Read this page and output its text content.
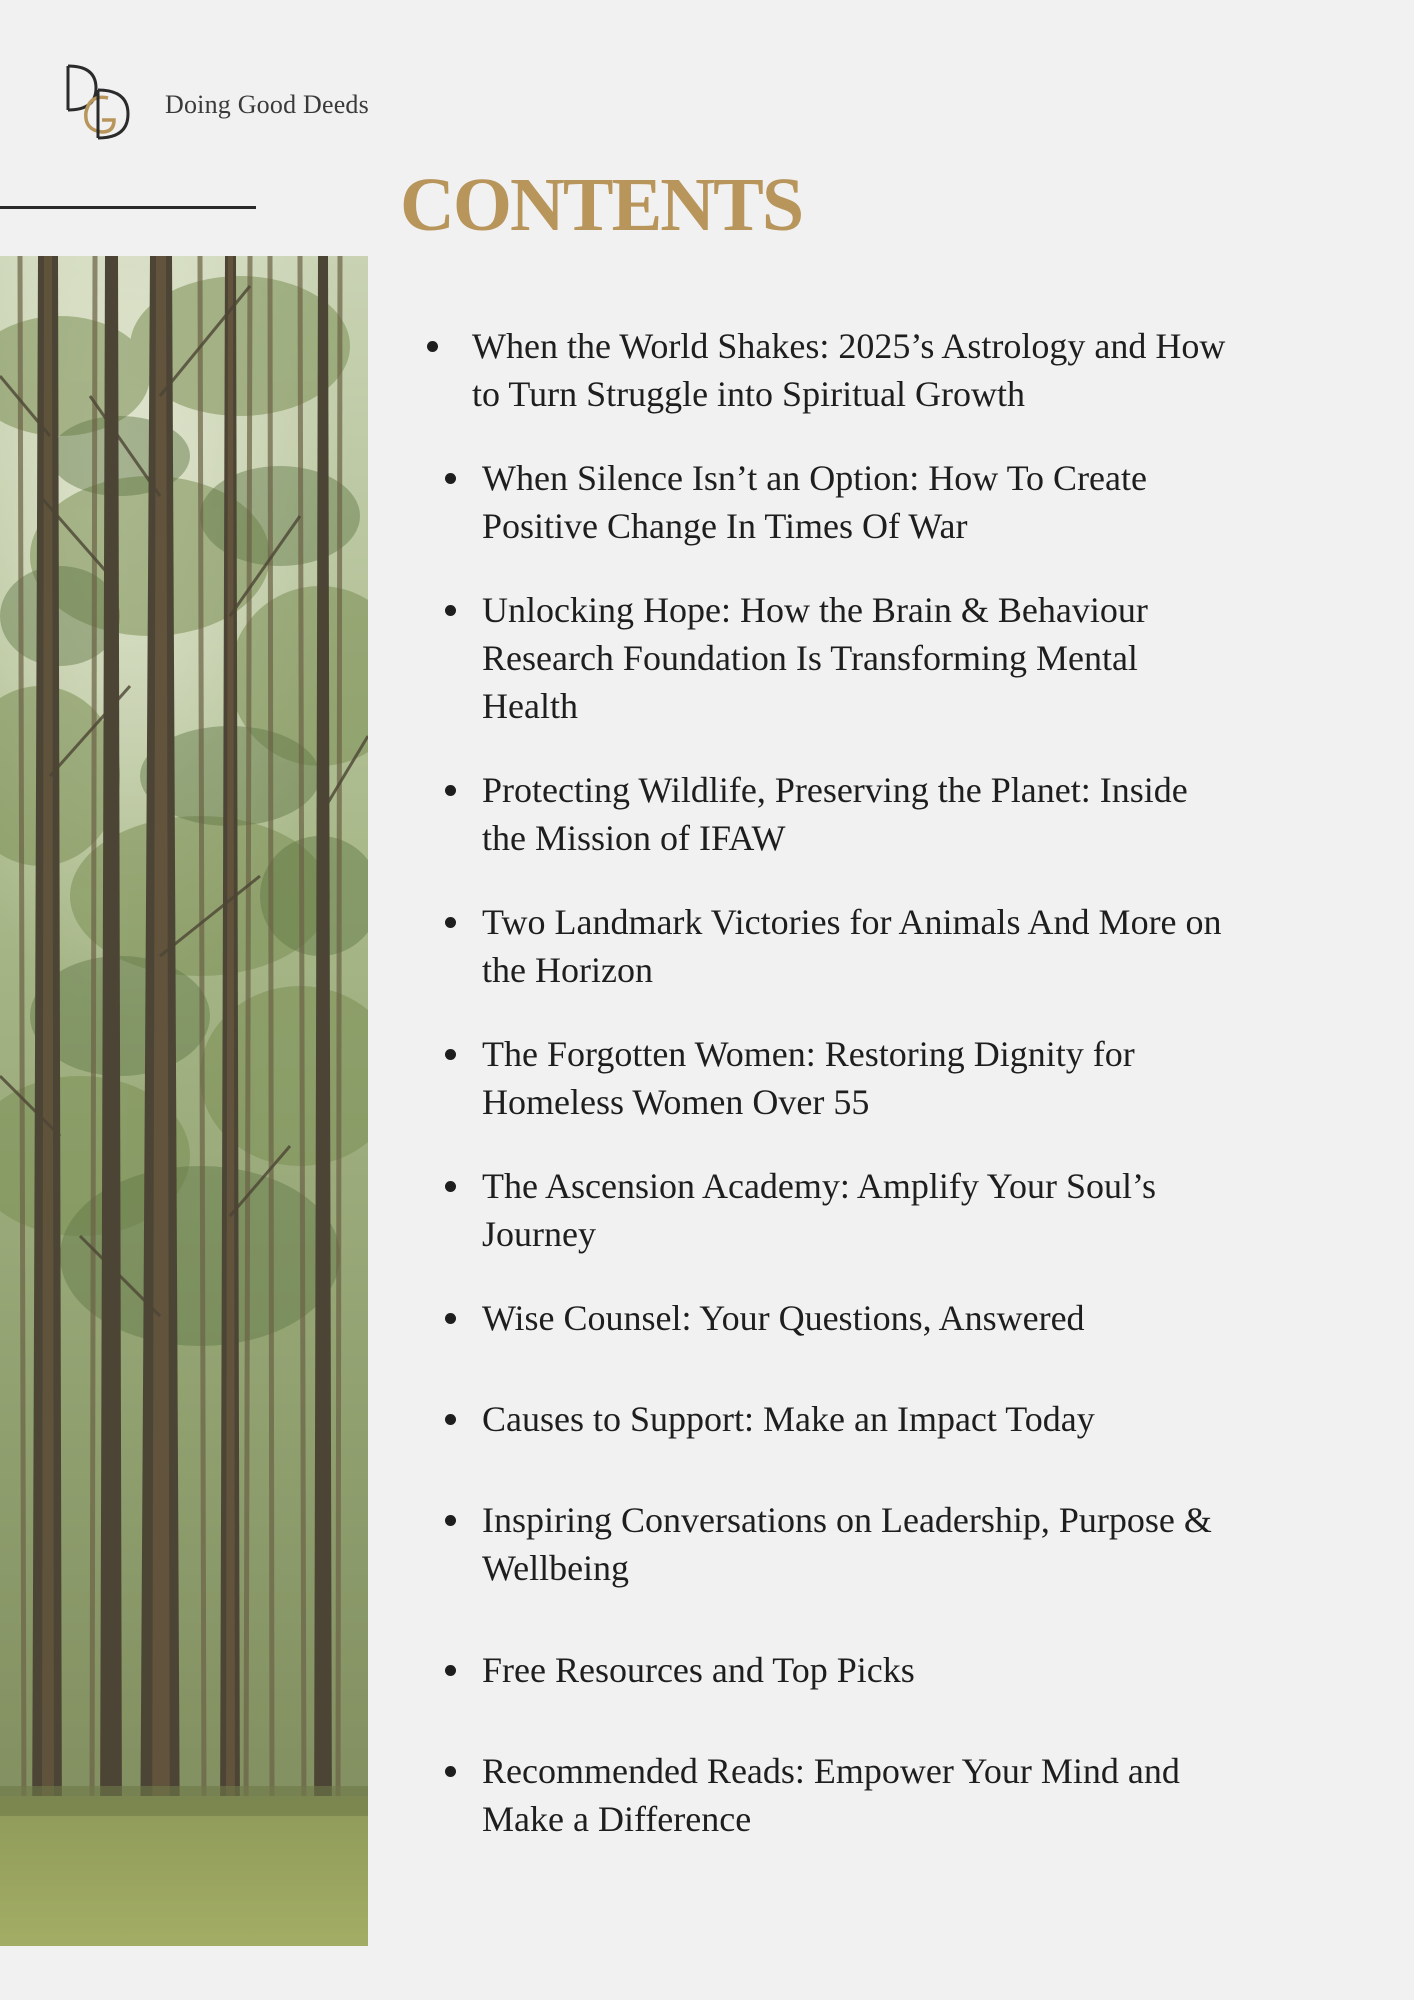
Doing Good Deeds
CONTENTS
When the World Shakes: 2025’s Astrology and How to Turn Struggle into Spiritual Growth
When Silence Isn’t an Option: How To Create Positive Change In Times Of War
Unlocking Hope: How the Brain & Behaviour Research Foundation Is Transforming Mental Health
Protecting Wildlife, Preserving the Planet: Inside the Mission of IFAW
Two Landmark Victories for Animals And More on the Horizon
The Forgotten Women: Restoring Dignity for Homeless Women Over 55
The Ascension Academy: Amplify Your Soul’s Journey
Wise Counsel: Your Questions, Answered
Causes to Support: Make an Impact Today
Inspiring Conversations on Leadership, Purpose & Wellbeing
Free Resources and Top Picks
Recommended Reads: Empower Your Mind and Make a Difference
